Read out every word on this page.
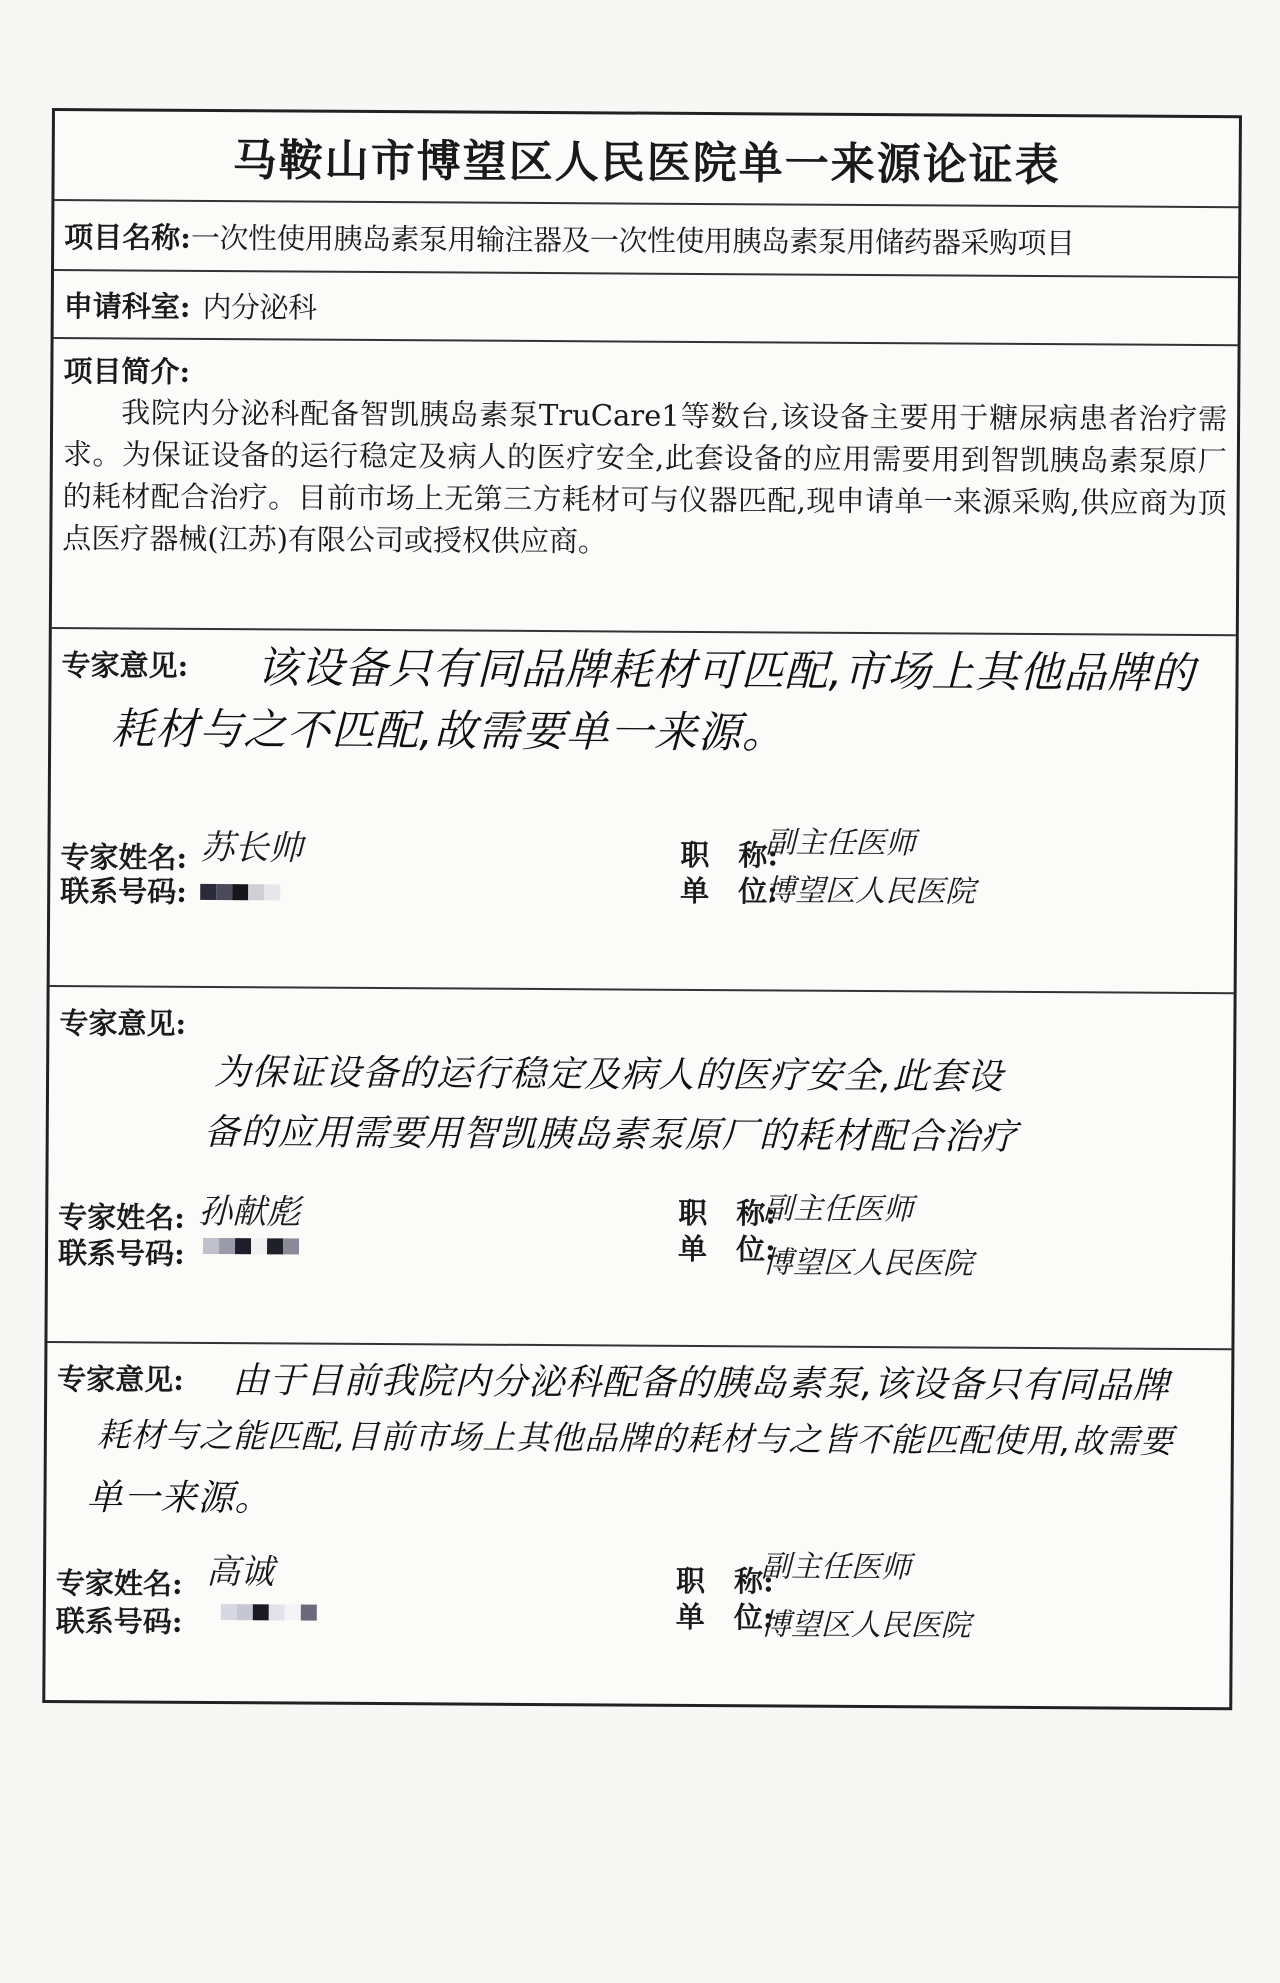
马鞍山市博望区人民医院单一来源论证表
项目名称: 一次性使用胰岛素泵用输注器及一次性使用胰岛素泵用储药器采购项目
申请科室: 内分泌科
项目简介:
我院内分泌科配备智凯胰岛素泵TruCare1等数台,该设备主要用于糖尿病患者治疗需求。为保证设备的运行稳定及病人的医疗安全,此套设备的应用需要用到智凯胰岛素泵原厂的耗材配合治疗。目前市场上无第三方耗材可与仪器匹配,现申请单一来源采购,供应商为顶点医疗器械(江苏)有限公司或授权供应商。
专家意见: 该设备只有同品牌耗材可匹配,市场上其他品牌的
耗材与之不匹配,故需要单一来源。
专家姓名: 苏长帅
联系号码:
职　称:
副主任医师
单　位:
博望区人民医院
专家意见:
为保证设备的运行稳定及病人的医疗安全,此套设
备的应用需要用智凯胰岛素泵原厂的耗材配合治疗
专家姓名: 孙献彪
联系号码:
职　称:
副主任医师
单　位:
博望区人民医院
专家意见: 由于目前我院内分泌科配备的胰岛素泵,该设备只有同品牌
耗材与之能匹配,目前市场上其他品牌的耗材与之皆不能匹配使用,故需要
单一来源。
专家姓名: 高诚
联系号码:
职　称:
副主任医师
单　位:
博望区人民医院
